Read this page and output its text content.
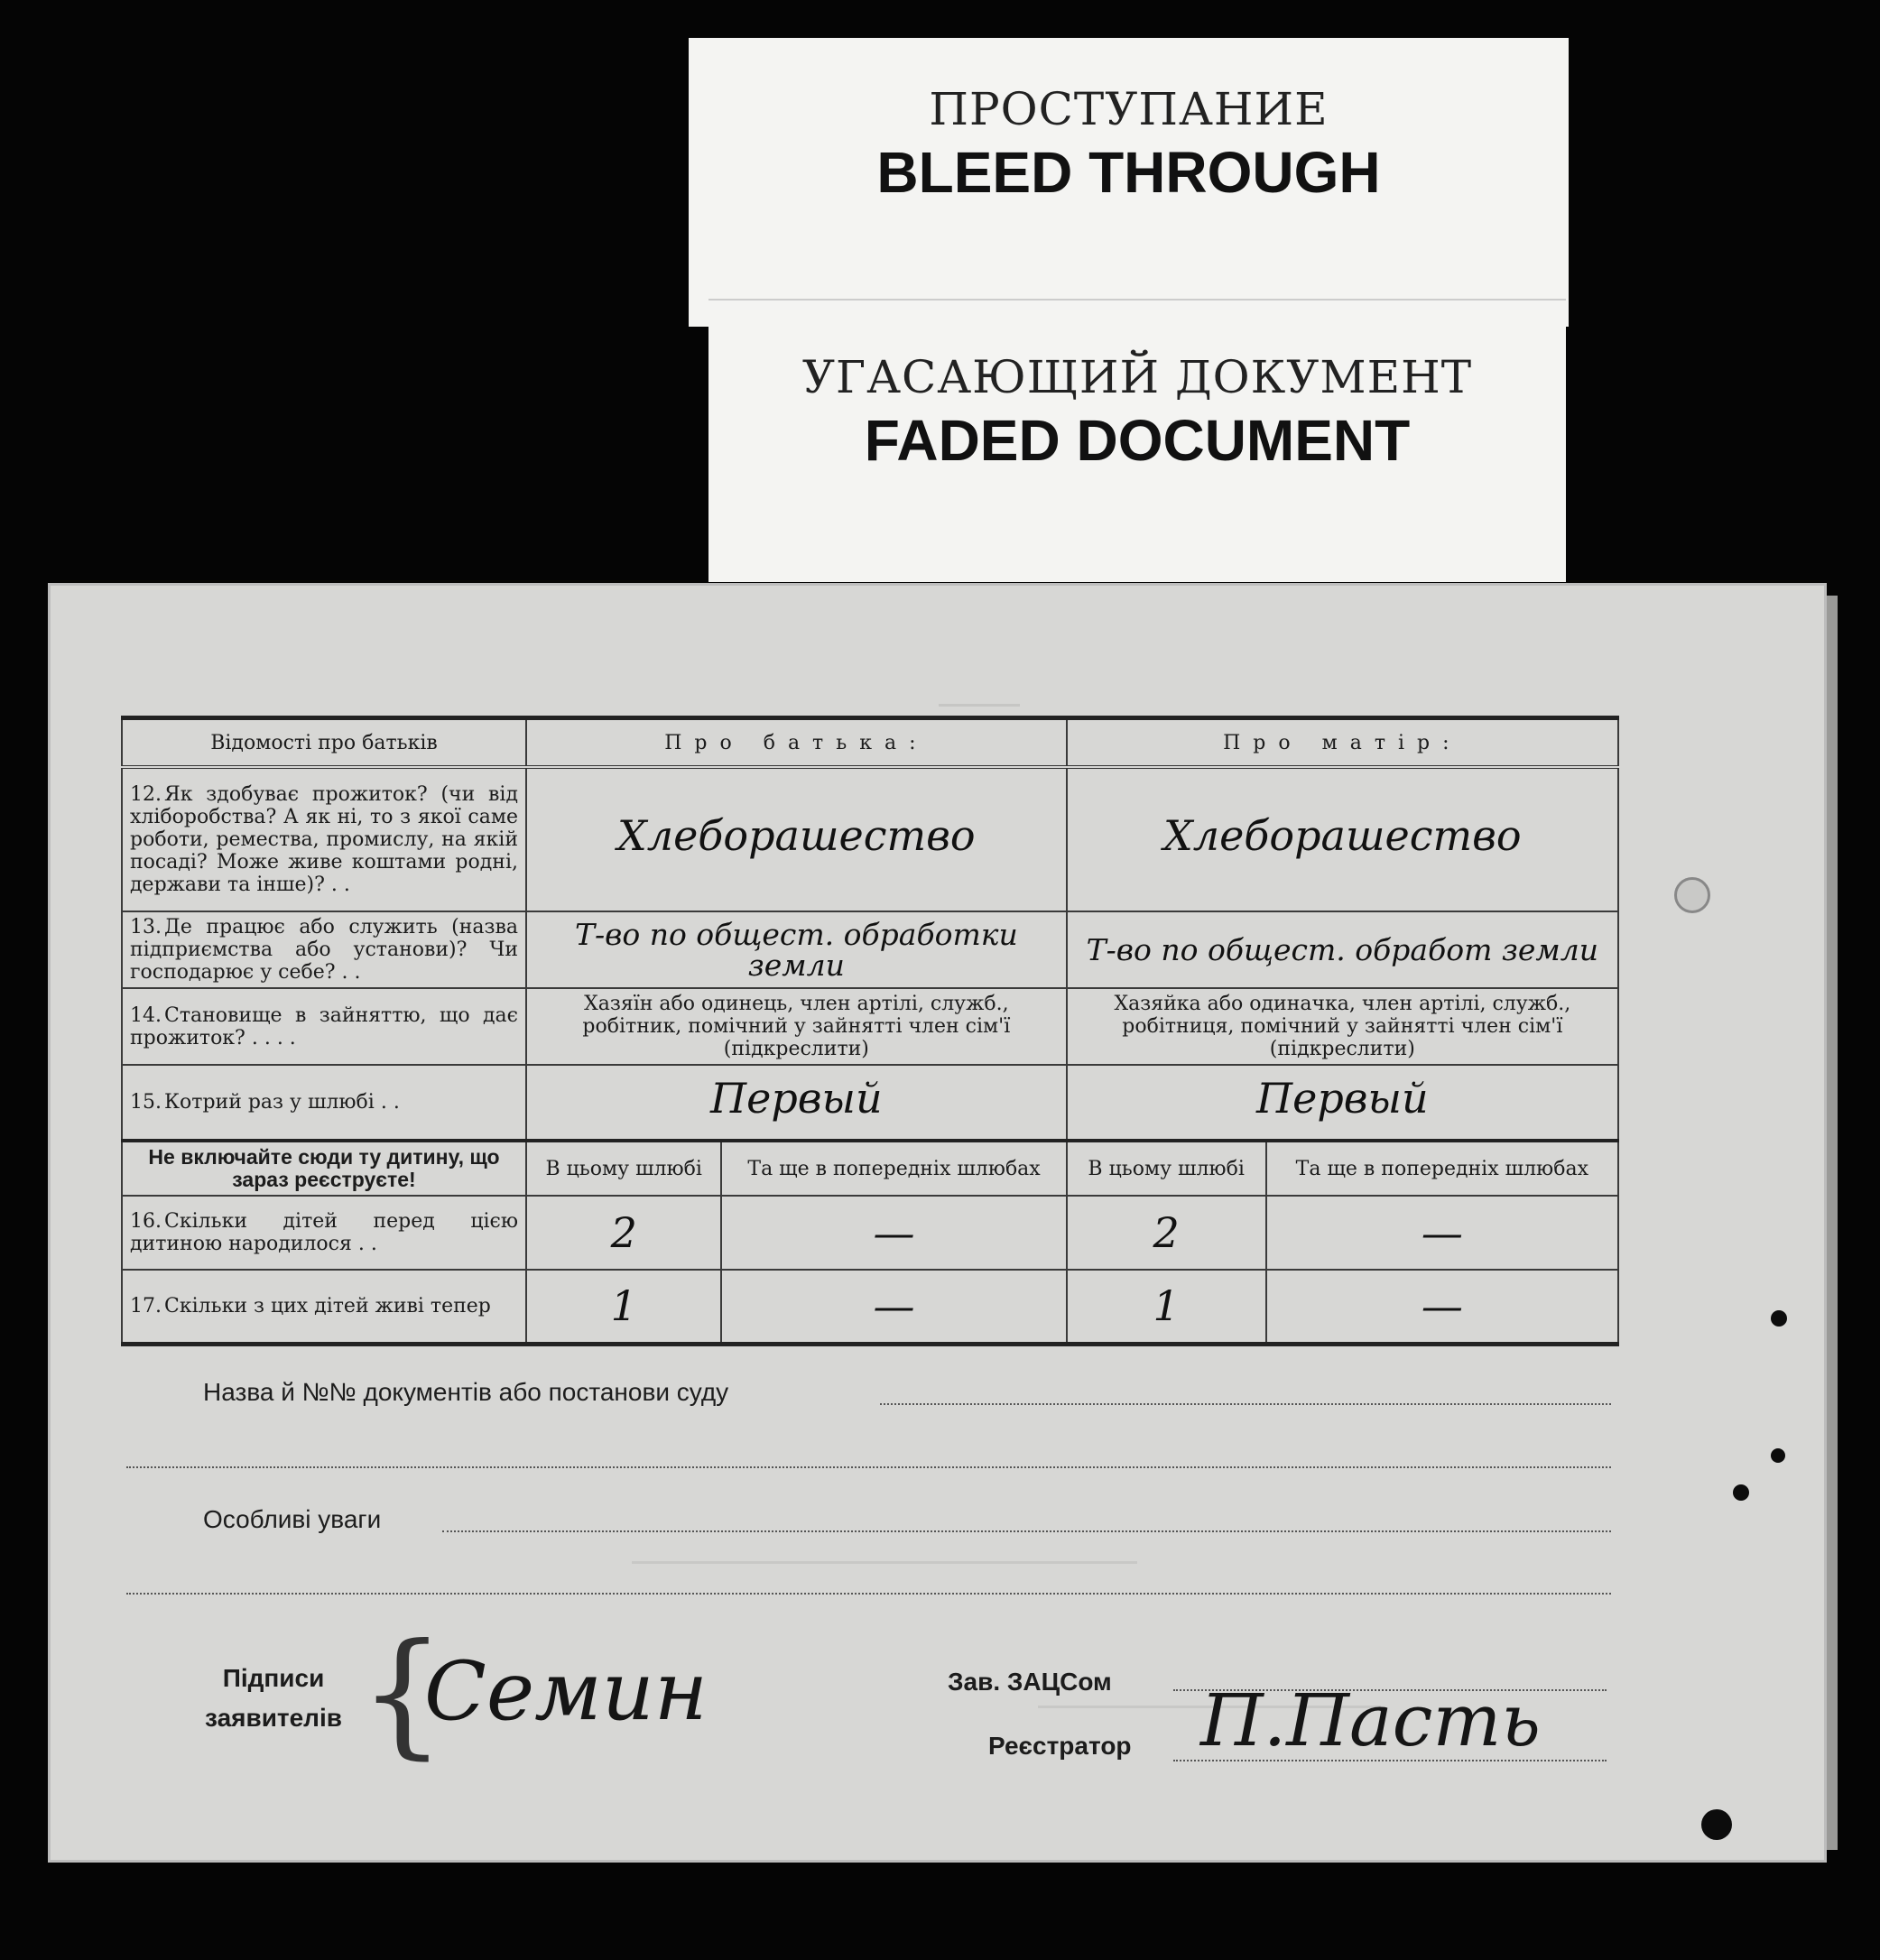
ПРОСТУПАНИЕ
BLEED THROUGH
УГАСАЮЩИЙ ДОКУМЕНТ
FADED DOCUMENT
Відомості про батьків	Про батька:		Про матір:	
12. Як здобуває прожиток? (чи від хліборобства? А як ні, то з якої саме роботи, ремества, промислу, на якій посаді? Може живе коштами родні, держави та інше)? . .	Хлеборашество		Хлеборашество	
13. Де працює або служить (назва підприємства або установи)? Чи господарює у себе? . .	Т-во по общест. обработки земли		Т-во по общест. обработ земли	
14. Становище в зайняттю, що дає прожиток? . . . .	Хазяїн або одинець, член артілі, служб., робітник, помічний у зайнятті член сім'ї (підкреслити)		Хазяйка або одиначка, член артілі, служб., робітниця, помічний у зайнятті член сім'ї (підкреслити)	
15. Котрий раз у шлюбі . .	Первый		Первый	
Не включайте сюди ту дитину, що зараз реєструєте!	В цьому шлюбі	Та ще в попередніх шлюбах	В цьому шлюбі	Та ще в попередніх шлюбах
16. Скільки дітей перед цією дитиною народилося . .	2	—	2	—
17. Скільки з цих дітей живі тепер	1	—	1	—
Назва й №№ документів або постанови суду
Особливі уваги
Підписи заявителів {
Семин	Зав. ЗАЦСом
Реєстратор П.Пасть
